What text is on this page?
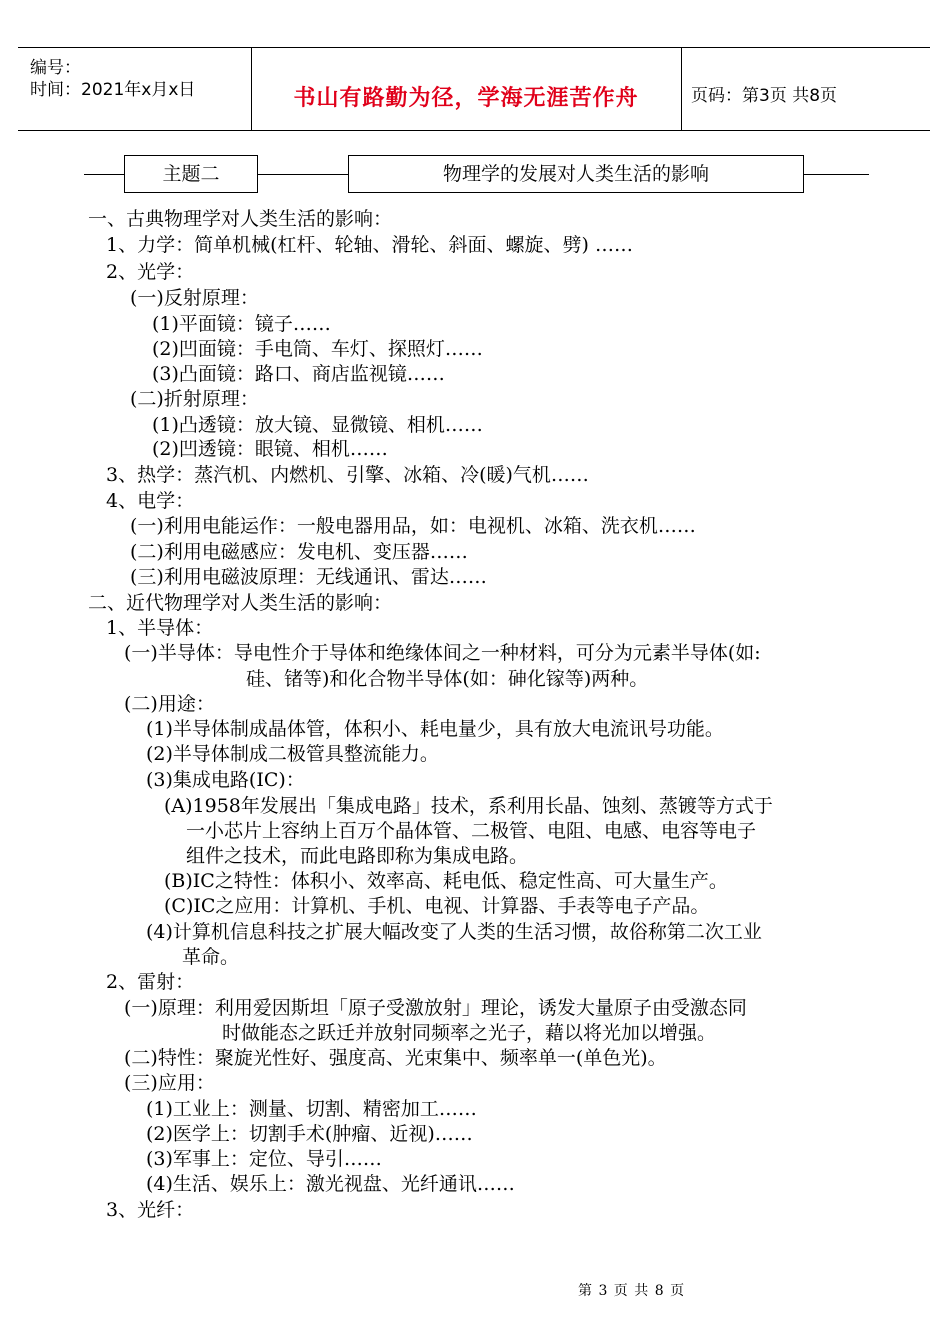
编号：
时间：2021年x月x日	书山有路勤为径，学海无涯苦作舟	页码：第3页 共8页
主题二	物理学的发展对人类生活的影响
一、古典物理学对人类生活的影响：
1、力学：简单机械(杠杆、轮轴、滑轮、斜面、螺旋、劈) ……
2、光学：
(一)反射原理：
(1)平面镜：镜子……
(2)凹面镜：手电筒、车灯、探照灯……
(3)凸面镜：路口、商店监视镜……
(二)折射原理：
(1)凸透镜：放大镜、显微镜、相机……
(2)凹透镜：眼镜、相机……
3、热学：蒸汽机、内燃机、引擎、冰箱、冷(暖)气机……
4、电学：
(一)利用电能运作：一般电器用品，如：电视机、冰箱、洗衣机……
(二)利用电磁感应：发电机、变压器……
(三)利用电磁波原理：无线通讯、雷达……
二、近代物理学对人类生活的影响：
1、半导体：
(一)半导体：导电性介于导体和绝缘体间之一种材料，可分为元素半导体(如:
硅、锗等)和化合物半导体(如：砷化镓等)两种。
(二)用途：
(1)半导体制成晶体管，体积小、耗电量少，具有放大电流讯号功能。
(2)半导体制成二极管具整流能力。
(3)集成电路(IC)：
(A)1958年发展出「集成电路」技术，系利用长晶、蚀刻、蒸镀等方式于
一小芯片上容纳上百万个晶体管、二极管、电阻、电感、电容等电子
组件之技术，而此电路即称为集成电路。
(B)IC之特性：体积小、效率高、耗电低、稳定性高、可大量生产。
(C)IC之应用：计算机、手机、电视、计算器、手表等电子产品。
(4)计算机信息科技之扩展大幅改变了人类的生活习惯，故俗称第二次工业
革命。
2、雷射：
(一)原理：利用爱因斯坦「原子受激放射」理论，诱发大量原子由受激态同
时做能态之跃迁并放射同频率之光子，藉以将光加以增强。
(二)特性：聚旋光性好、强度高、光束集中、频率单一(单色光)。
(三)应用：
(1)工业上：测量、切割、精密加工……
(2)医学上：切割手术(肿瘤、近视)……
(3)军事上：定位、导引……
(4)生活、娱乐上：激光视盘、光纤通讯……
3、光纤：
第 3 页 共 8 页
